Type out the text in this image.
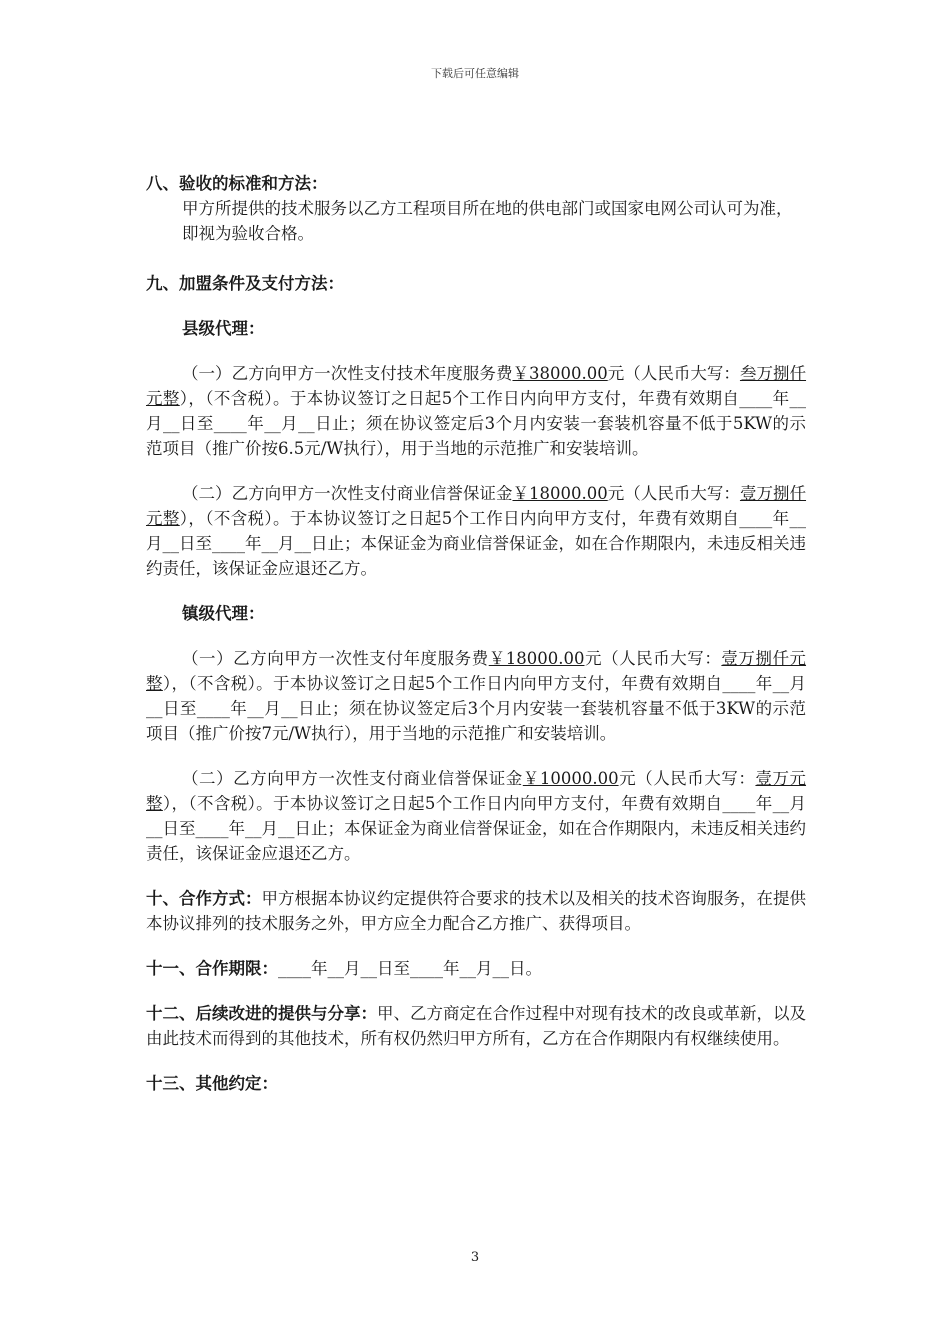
下载后可任意编辑
八、验收的标准和方法：
甲方所提供的技术服务以乙方工程项目所在地的供电部门或国家电网公司认可为准，即视为验收合格。
九、加盟条件及支付方法：
县级代理：
（一）乙方向甲方一次性支付技术年度服务费￥38000.00元（人民币大写：叁万捌仟元整），（不含税）。于本协议签订之日起5个工作日内向甲方支付，年费有效期自____年__月__日至____年__月__日止；须在协议签定后3个月内安装一套装机容量不低于5KW的示范项目（推广价按6.5元/W执行），用于当地的示范推广和安装培训。
（二）乙方向甲方一次性支付商业信誉保证金￥18000.00元（人民币大写：壹万捌仟元整），（不含税）。于本协议签订之日起5个工作日内向甲方支付，年费有效期自____年__月__日至____年__月__日止；本保证金为商业信誉保证金，如在合作期限内，未违反相关违约责任，该保证金应退还乙方。
镇级代理：
（一）乙方向甲方一次性支付年度服务费￥18000.00元（人民币大写：壹万捌仟元整），（不含税）。于本协议签订之日起5个工作日内向甲方支付，年费有效期自____年__月__日至____年__月__日止；须在协议签定后3个月内安装一套装机容量不低于3KW的示范项目（推广价按7元/W执行），用于当地的示范推广和安装培训。
（二）乙方向甲方一次性支付商业信誉保证金￥10000.00元（人民币大写：壹万元整），（不含税）。于本协议签订之日起5个工作日内向甲方支付，年费有效期自____年__月__日至____年__月__日止；本保证金为商业信誉保证金，如在合作期限内，未违反相关违约责任，该保证金应退还乙方。
十、合作方式：甲方根据本协议约定提供符合要求的技术以及相关的技术咨询服务，在提供本协议排列的技术服务之外，甲方应全力配合乙方推广、获得项目。
十一、合作期限：____年__月__日至____年__月__日。
十二、后续改进的提供与分享：甲、乙方商定在合作过程中对现有技术的改良或革新，以及由此技术而得到的其他技术，所有权仍然归甲方所有，乙方在合作期限内有权继续使用。
十三、其他约定：
3
